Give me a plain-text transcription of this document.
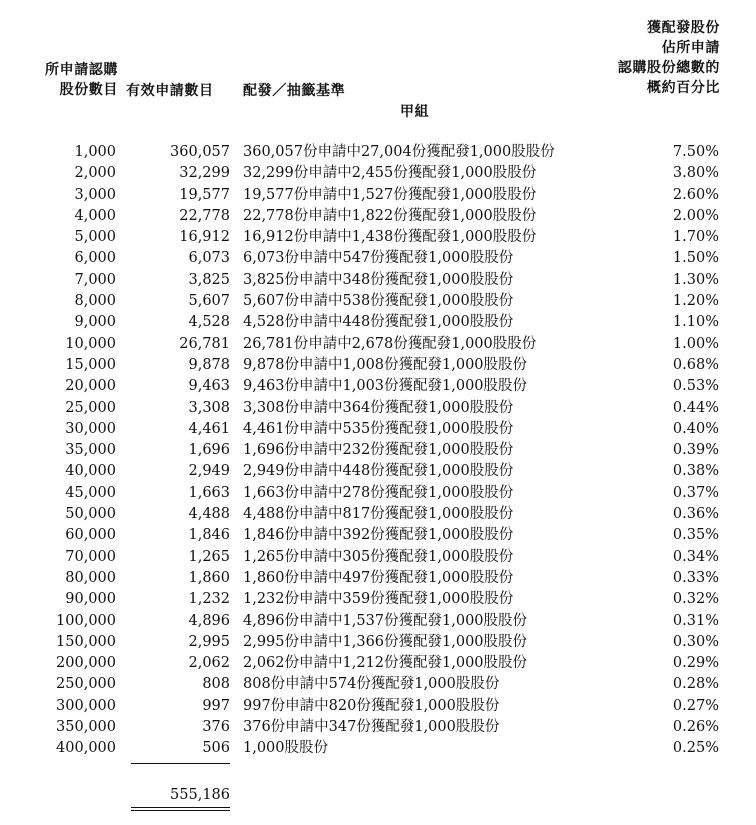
所申請認購
股份數目 有效申請數目 配發／抽籤基準
甲組
獲配發股份
佔所申請
認購股份總數的
概約百分比
1,000	360,057 360,057份申請中27,004份獲配發1,000股股份	7.50%
2,000	32,299 32,299份申請中2,455份獲配發1,000股股份	3.80%
3,000	19,577 19,577份申請中1,527份獲配發1,000股股份	2.60%
4,000	22,778 22,778份申請中1,822份獲配發1,000股股份	2.00%
5,000	16,912 16,912份申請中1,438份獲配發1,000股股份	1.70%
6,000	6,073 6,073份申請中547份獲配發1,000股股份	1.50%
7,000	3,825 3,825份申請中348份獲配發1,000股股份	1.30%
8,000	5,607 5,607份申請中538份獲配發1,000股股份	1.20%
9,000	4,528 4,528份申請中448份獲配發1,000股股份	1.10%
10,000	26,781 26,781份申請中2,678份獲配發1,000股股份	1.00%
15,000	9,878 9,878份申請中1,008份獲配發1,000股股份	0.68%
20,000	9,463 9,463份申請中1,003份獲配發1,000股股份	0.53%
25,000	3,308 3,308份申請中364份獲配發1,000股股份	0.44%
30,000	4,461 4,461份申請中535份獲配發1,000股股份	0.40%
35,000	1,696 1,696份申請中232份獲配發1,000股股份	0.39%
40,000	2,949 2,949份申請中448份獲配發1,000股股份	0.38%
45,000	1,663 1,663份申請中278份獲配發1,000股股份	0.37%
50,000	4,488 4,488份申請中817份獲配發1,000股股份	0.36%
60,000	1,846 1,846份申請中392份獲配發1,000股股份	0.35%
70,000	1,265 1,265份申請中305份獲配發1,000股股份	0.34%
80,000	1,860 1,860份申請中497份獲配發1,000股股份	0.33%
90,000	1,232 1,232份申請中359份獲配發1,000股股份	0.32%
100,000	4,896 4,896份申請中1,537份獲配發1,000股股份	0.31%
150,000	2,995 2,995份申請中1,366份獲配發1,000股股份	0.30%
200,000	2,062 2,062份申請中1,212份獲配發1,000股股份	0.29%
250,000	808 808份申請中574份獲配發1,000股股份	0.28%
300,000	997 997份申請中820份獲配發1,000股股份	0.27%
350,000	376 376份申請中347份獲配發1,000股股份	0.26%
400,000	506 1,000股股份	0.25%
555,186
